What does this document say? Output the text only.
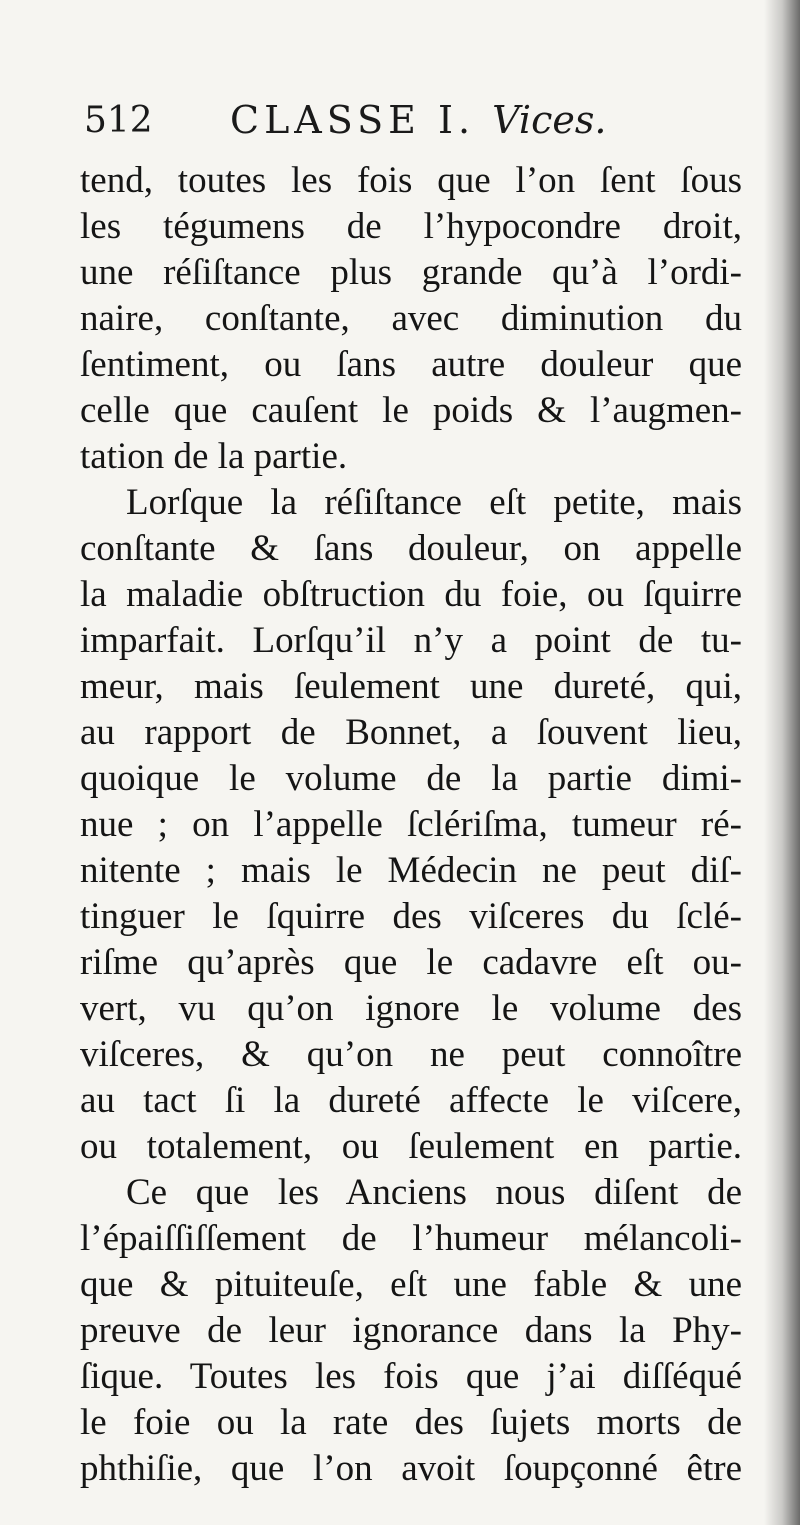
512 CLASSE I. Vices.
tend, toutes les fois que l’on ſent ſous
les tégumens de l’hypocondre droit,
une réſiſtance plus grande qu’à l’ordi-
naire, conſtante, avec diminution du
ſentiment, ou ſans autre douleur que
celle que cauſent le poids & l’augmen-
tation de la partie.
Lorſque la réſiſtance eſt petite, mais
conſtante & ſans douleur, on appelle
la maladie obſtruction du foie, ou ſquirre
imparfait. Lorſqu’il n’y a point de tu-
meur, mais ſeulement une dureté, qui,
au rapport de Bonnet, a ſouvent lieu,
quoique le volume de la partie dimi-
nue ; on l’appelle ſclériſma, tumeur ré-
nitente ; mais le Médecin ne peut diſ-
tinguer le ſquirre des viſceres du ſclé-
riſme qu’après que le cadavre eſt ou-
vert, vu qu’on ignore le volume des
viſceres, & qu’on ne peut connoître
au tact ſi la dureté affecte le viſcere,
ou totalement, ou ſeulement en partie.
Ce que les Anciens nous diſent de
l’épaiſſiſſement de l’humeur mélancoli-
que & pituiteuſe, eſt une fable & une
preuve de leur ignorance dans la Phy-
ſique. Toutes les fois que j’ai diſſéqué
le foie ou la rate des ſujets morts de
phthiſie, que l’on avoit ſoupçonné être
